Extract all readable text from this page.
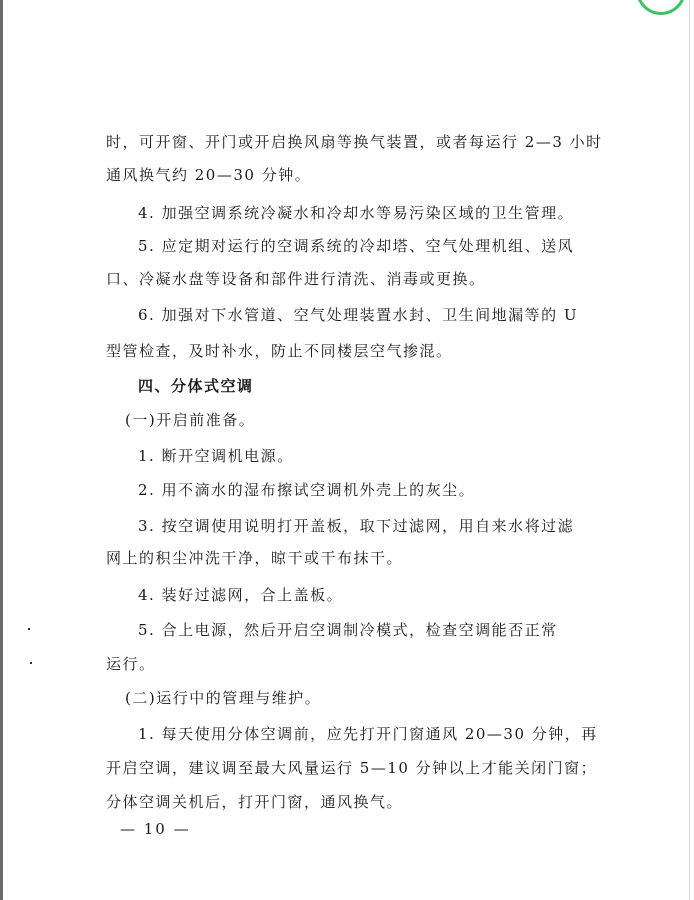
时，可开窗、开门或开启换风扇等换气装置，或者每运行 2—3 小时
通风换气约 20—30 分钟。
4. 加强空调系统冷凝水和冷却水等易污染区域的卫生管理。
5. 应定期对运行的空调系统的冷却塔、空气处理机组、送风
口、冷凝水盘等设备和部件进行清洗、消毒或更换。
6. 加强对下水管道、空气处理装置水封、卫生间地漏等的 U
型管检查，及时补水，防止不同楼层空气掺混。
四、分体式空调
(一)开启前准备。
1. 断开空调机电源。
2. 用不滴水的湿布擦试空调机外壳上的灰尘。
3. 按空调使用说明打开盖板，取下过滤网，用自来水将过滤
网上的积尘冲洗干净，晾干或干布抹干。
4. 装好过滤网，合上盖板。
5. 合上电源，然后开启空调制冷模式，检查空调能否正常
运行。
(二)运行中的管理与维护。
1. 每天使用分体空调前，应先打开门窗通风 20—30 分钟，再
开启空调，建议调至最大风量运行 5—10 分钟以上才能关闭门窗；
分体空调关机后，打开门窗，通风换气。
— 10 —
